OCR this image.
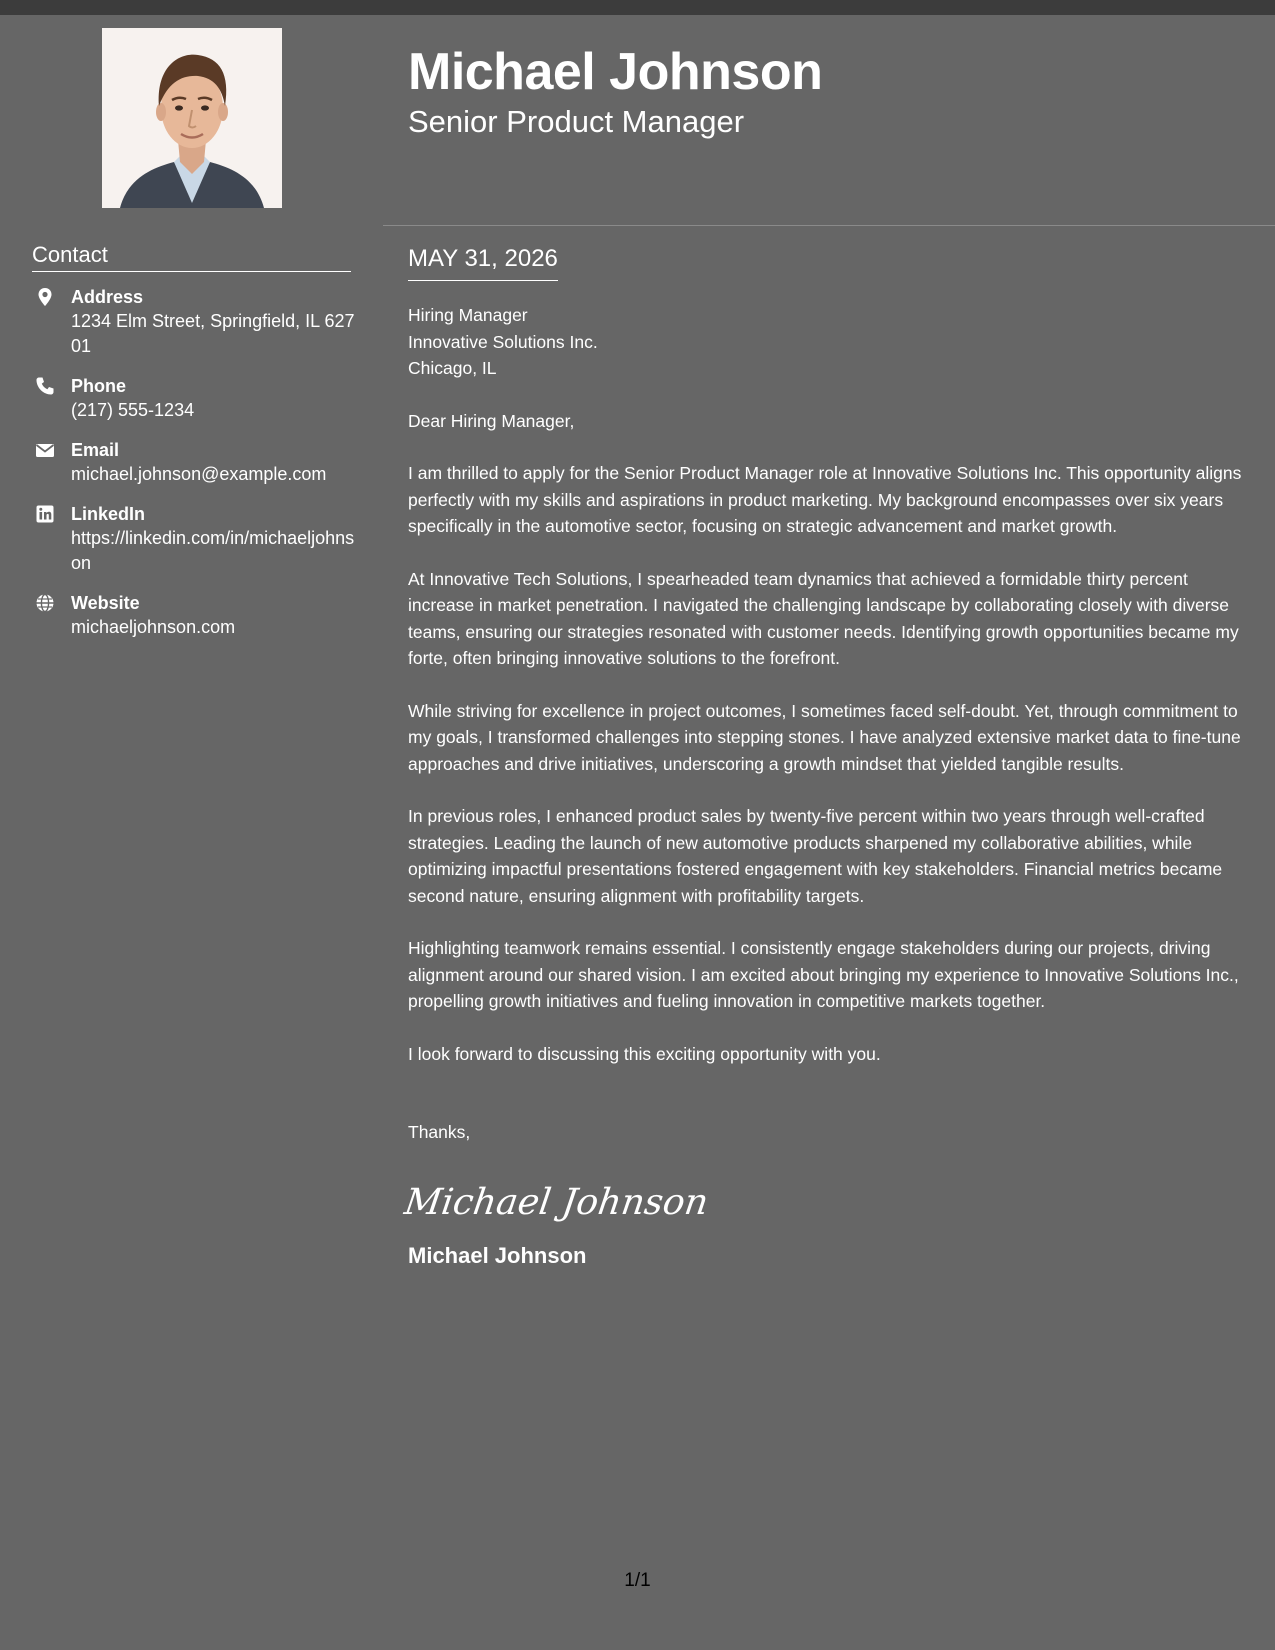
Michael Johnson
Senior Product Manager
Contact
Address
1234 Elm Street, Springfield, IL 62701
Phone
(217) 555-1234
Email
michael.johnson@example.com
LinkedIn
https://linkedin.com/in/michaeljohnson
Website
michaeljohnson.com
MAY 31, 2026
Hiring Manager
Innovative Solutions Inc.
Chicago, IL
Dear Hiring Manager,
I am thrilled to apply for the Senior Product Manager role at Innovative Solutions Inc. This opportunity aligns perfectly with my skills and aspirations in product marketing. My background encompasses over six years specifically in the automotive sector, focusing on strategic advancement and market growth.
At Innovative Tech Solutions, I spearheaded team dynamics that achieved a formidable thirty percent increase in market penetration. I navigated the challenging landscape by collaborating closely with diverse teams, ensuring our strategies resonated with customer needs. Identifying growth opportunities became my forte, often bringing innovative solutions to the forefront.
While striving for excellence in project outcomes, I sometimes faced self-doubt. Yet, through commitment to my goals, I transformed challenges into stepping stones. I have analyzed extensive market data to fine-tune approaches and drive initiatives, underscoring a growth mindset that yielded tangible results.
In previous roles, I enhanced product sales by twenty-five percent within two years through well-crafted strategies. Leading the launch of new automotive products sharpened my collaborative abilities, while optimizing impactful presentations fostered engagement with key stakeholders. Financial metrics became second nature, ensuring alignment with profitability targets.
Highlighting teamwork remains essential. I consistently engage stakeholders during our projects, driving alignment around our shared vision. I am excited about bringing my experience to Innovative Solutions Inc., propelling growth initiatives and fueling innovation in competitive markets together.
I look forward to discussing this exciting opportunity with you.
Thanks,
Michael Johnson
Michael Johnson
1/1
